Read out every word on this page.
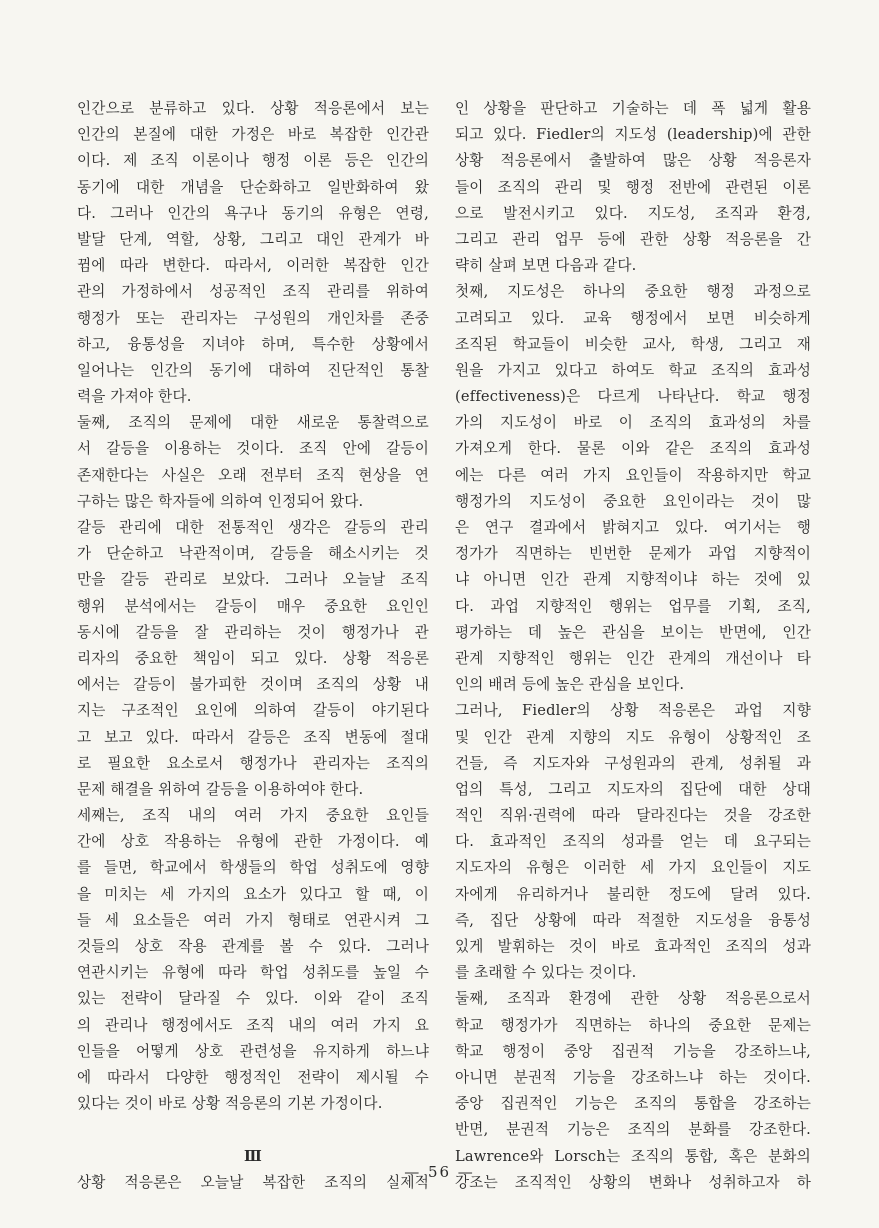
인간으로 분류하고 있다. 상황 적응론에서 보는
인간의 본질에 대한 가정은 바로 복잡한 인간관
이다. 제 조직 이론이나 행정 이론 등은 인간의
동기에 대한 개념을 단순화하고 일반화하여 왔
다. 그러나 인간의 욕구나 동기의 유형은 연령,
발달 단계, 역할, 상황, 그리고 대인 관계가 바
뀜에 따라 변한다. 따라서, 이러한 복잡한 인간
관의 가정하에서 성공적인 조직 관리를 위하여
행정가 또는 관리자는 구성원의 개인차를 존중
하고, 융통성을 지녀야 하며, 특수한 상황에서
일어나는 인간의 동기에 대하여 진단적인 통찰
력을 가져야 한다.
둘째, 조직의 문제에 대한 새로운 통찰력으로
서 갈등을 이용하는 것이다. 조직 안에 갈등이
존재한다는 사실은 오래 전부터 조직 현상을 연
구하는 많은 학자들에 의하여 인정되어 왔다.
갈등 관리에 대한 전통적인 생각은 갈등의 관리
가 단순하고 낙관적이며, 갈등을 해소시키는 것
만을 갈등 관리로 보았다. 그러나 오늘날 조직
행위 분석에서는 갈등이 매우 중요한 요인인
동시에 갈등을 잘 관리하는 것이 행정가나 관
리자의 중요한 책임이 되고 있다. 상황 적응론
에서는 갈등이 불가피한 것이며 조직의 상황 내
지는 구조적인 요인에 의하여 갈등이 야기된다
고 보고 있다. 따라서 갈등은 조직 변동에 절대
로 필요한 요소로서 행정가나 관리자는 조직의
문제 해결을 위하여 갈등을 이용하여야 한다.
세째는, 조직 내의 여러 가지 중요한 요인들
간에 상호 작용하는 유형에 관한 가정이다. 예
를 들면, 학교에서 학생들의 학업 성취도에 영향
을 미치는 세 가지의 요소가 있다고 할 때, 이
들 세 요소들은 여러 가지 형태로 연관시켜 그
것들의 상호 작용 관계를 볼 수 있다. 그러나
연관시키는 유형에 따라 학업 성취도를 높일 수
있는 전략이 달라질 수 있다. 이와 같이 조직
의 관리나 행정에서도 조직 내의 여러 가지 요
인들을 어떻게 상호 관련성을 유지하게 하느냐
에 따라서 다양한 행정적인 전략이 제시될 수
있다는 것이 바로 상황 적응론의 기본 가정이다.
Ⅲ
상황 적응론은 오늘날 복잡한 조직의 실제적
인 상황을 판단하고 기술하는 데 폭 넓게 활용
되고 있다. Fiedler의 지도성 (leadership)에 관한
상황 적응론에서 출발하여 많은 상황 적응론자
들이 조직의 관리 및 행정 전반에 관련된 이론
으로 발전시키고 있다. 지도성, 조직과 환경,
그리고 관리 업무 등에 관한 상황 적응론을 간
략히 살펴 보면 다음과 같다.
첫째, 지도성은 하나의 중요한 행정 과정으로
고려되고 있다. 교육 행정에서 보면 비슷하게
조직된 학교들이 비슷한 교사, 학생, 그리고 재
원을 가지고 있다고 하여도 학교 조직의 효과성
(effectiveness)은 다르게 나타난다. 학교 행정
가의 지도성이 바로 이 조직의 효과성의 차를
가져오게 한다. 물론 이와 같은 조직의 효과성
에는 다른 여러 가지 요인들이 작용하지만 학교
행정가의 지도성이 중요한 요인이라는 것이 많
은 연구 결과에서 밝혀지고 있다. 여기서는 행
정가가 직면하는 빈번한 문제가 과업 지향적이
냐 아니면 인간 관계 지향적이냐 하는 것에 있
다. 과업 지향적인 행위는 업무를 기획, 조직,
평가하는 데 높은 관심을 보이는 반면에, 인간
관계 지향적인 행위는 인간 관계의 개선이나 타
인의 배려 등에 높은 관심을 보인다.
그러나, Fiedler의 상황 적응론은 과업 지향
및 인간 관계 지향의 지도 유형이 상황적인 조
건들, 즉 지도자와 구성원과의 관계, 성취될 과
업의 특성, 그리고 지도자의 집단에 대한 상대
적인 직위·권력에 따라 달라진다는 것을 강조한
다. 효과적인 조직의 성과를 얻는 데 요구되는
지도자의 유형은 이러한 세 가지 요인들이 지도
자에게 유리하거나 불리한 정도에 달려 있다.
즉, 집단 상황에 따라 적절한 지도성을 융통성
있게 발휘하는 것이 바로 효과적인 조직의 성과
를 초래할 수 있다는 것이다.
둘째, 조직과 환경에 관한 상황 적응론으로서
학교 행정가가 직면하는 하나의 중요한 문제는
학교 행정이 중앙 집권적 기능을 강조하느냐,
아니면 분권적 기능을 강조하느냐 하는 것이다.
중앙 집권적인 기능은 조직의 통합을 강조하는
반면, 분권적 기능은 조직의 분화를 강조한다.
Lawrence와 Lorsch는 조직의 통합, 혹은 분화의
강조는 조직적인 상황의 변화나 성취하고자 하
— 56 —
